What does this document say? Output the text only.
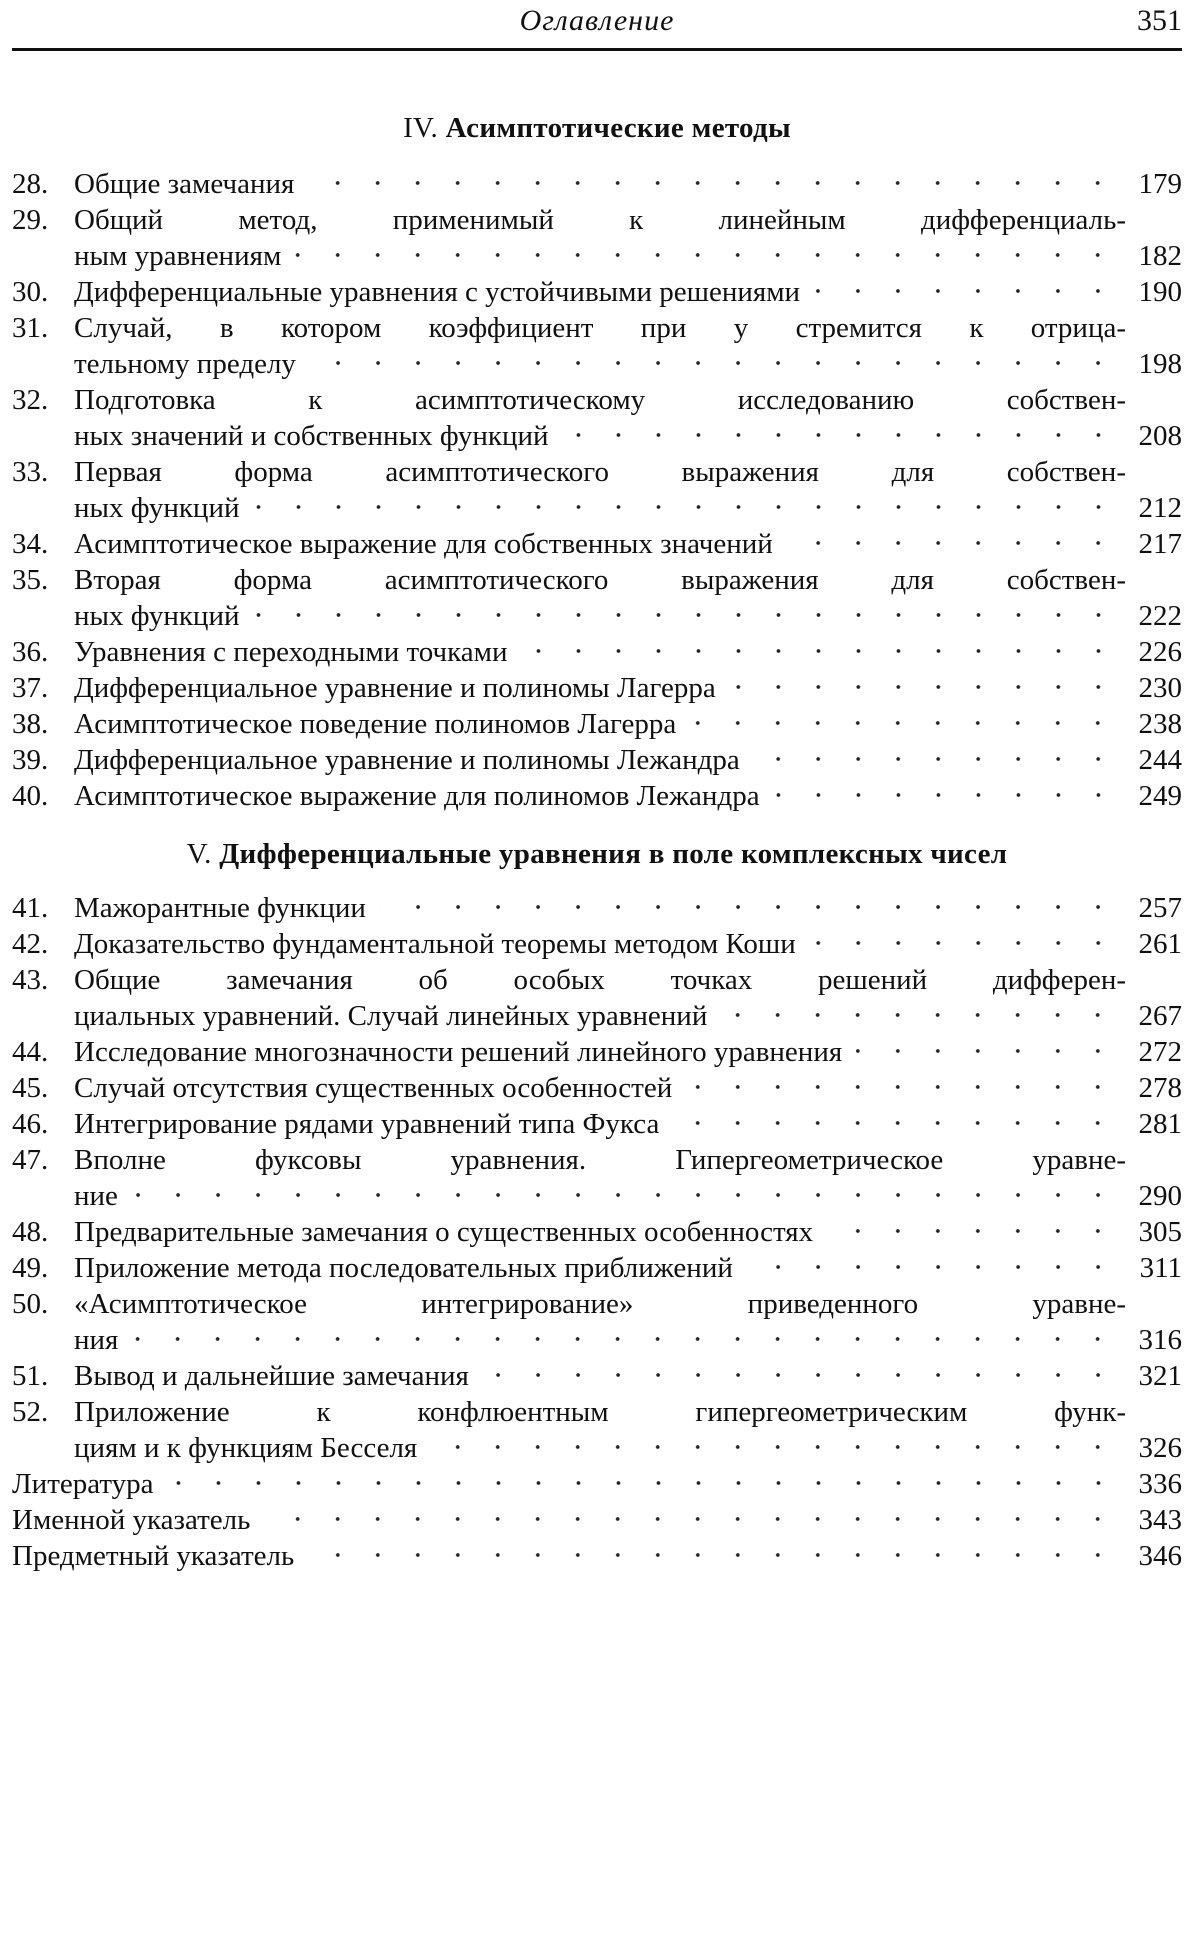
Оглавление	351
IV. Асимптотические методы
28. Общие замечания	179
29. Общий метод, применимый к линейным дифференциаль-
ным уравнениям	182
30. Дифференциальные уравнения с устойчивыми решениями	190
31. Случай, в котором коэффициент при y стремится к отрица-
тельному пределу	198
32. Подготовка к асимптотическому исследованию собствен-
ных значений и собственных функций	208
33. Первая форма асимптотического выражения для собствен-
ных функций	212
34. Асимптотическое выражение для собственных значений	217
35. Вторая форма асимптотического выражения для собствен-
ных функций	222
36. Уравнения с переходными точками	226
37. Дифференциальное уравнение и полиномы Лагерра	230
38. Асимптотическое поведение полиномов Лагерра	238
39. Дифференциальное уравнение и полиномы Лежандра	244
40. Асимптотическое выражение для полиномов Лежандра	249
V. Дифференциальные уравнения в поле комплексных чисел
41. Мажорантные функции	257
42. Доказательство фундаментальной теоремы методом Коши	261
43. Общие замечания об особых точках решений дифферен-
циальных уравнений. Случай линейных уравнений	267
44. Исследование многозначности решений линейного уравнения	272
45. Случай отсутствия существенных особенностей	278
46. Интегрирование рядами уравнений типа Фукса	281
47. Вполне фуксовы уравнения. Гипергеометрическое уравне-
ние	290
48. Предварительные замечания о существенных особенностях	305
49. Приложение метода последовательных приближений	311
50. «Асимптотическое интегрирование» приведенного уравне-
ния	316
51. Вывод и дальнейшие замечания	321
52. Приложение к конфлюентным гипергеометрическим функ-
циям и к функциям Бесселя	326
Литература	336
Именной указатель	343
Предметный указатель	346
